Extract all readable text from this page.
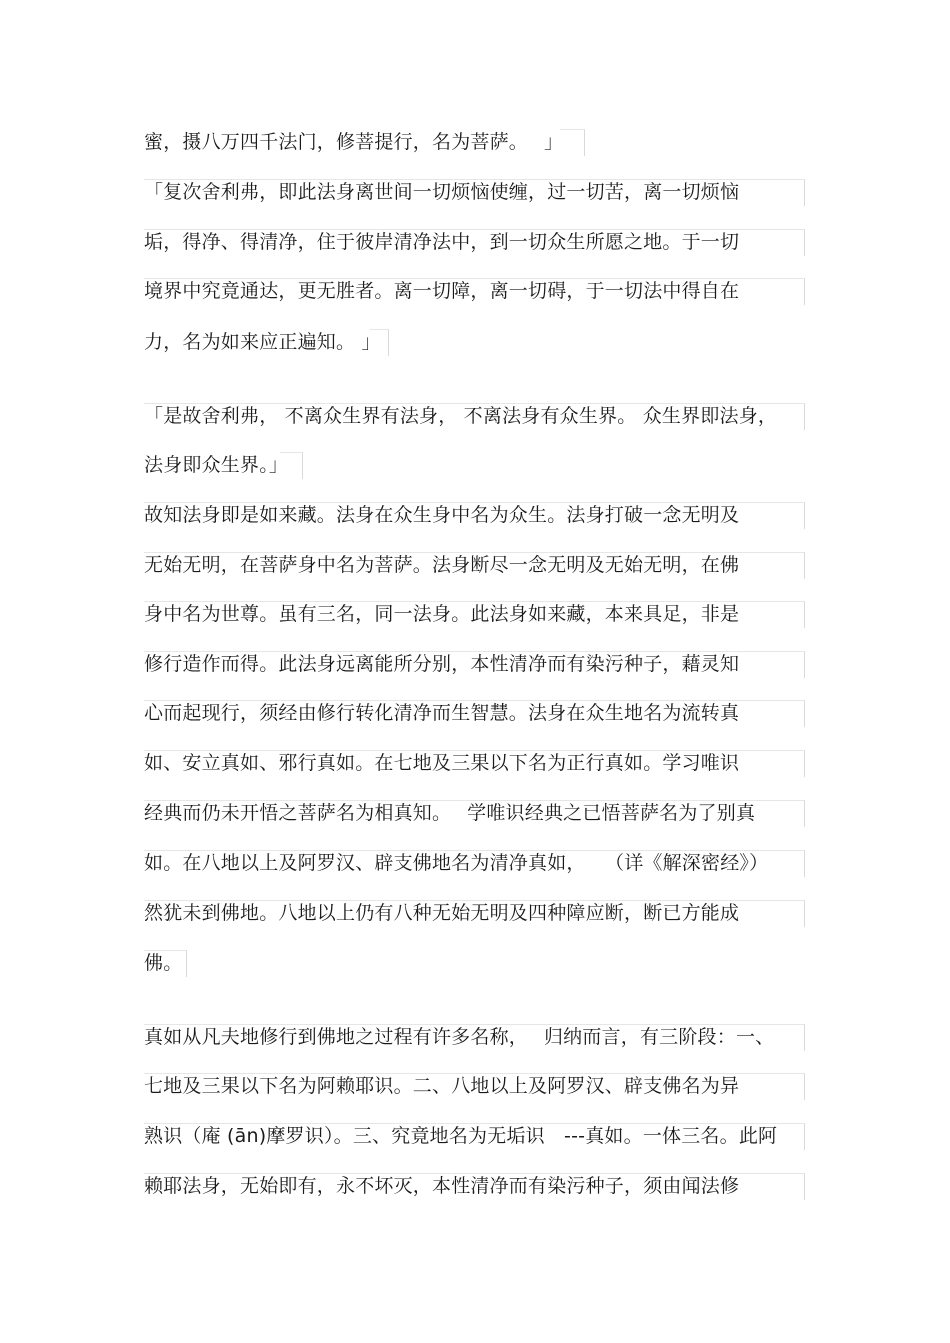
蜜，摄八万四千法门，修菩提行，名为菩萨。　 」
「复次舍利弗，即此法身离世间一切烦恼使缠，过一切苦，离一切烦恼
垢，得净、得清净，住于彼岸清净法中，到一切众生所愿之地。于一切
境界中究竟通达，更无胜者。离一切障，离一切碍，于一切法中得自在
力，名为如来应正遍知。 」
「是故舍利弗， 不离众生界有法身， 不离法身有众生界。 众生界即法身，
法身即众生界。」
故知法身即是如来藏。法身在众生身中名为众生。法身打破一念无明及
无始无明，在菩萨身中名为菩萨。法身断尽一念无明及无始无明，在佛
身中名为世尊。虽有三名，同一法身。此法身如来藏，本来具足，非是
修行造作而得。此法身远离能所分别，本性清净而有染污种子，藉灵知
心而起现行，须经由修行转化清净而生智慧。法身在众生地名为流转真
如、安立真如、邪行真如。在七地及三果以下名为正行真如。学习唯识
经典而仍未开悟之菩萨名为相真知。　 学唯识经典之已悟菩萨名为了别真
如。在八地以上及阿罗汉、辟支佛地名为清净真如，　　（详《解深密经》）
然犹未到佛地。八地以上仍有八种无始无明及四种障应断，断已方能成
佛。
真如从凡夫地修行到佛地之过程有许多名称，　 归纳而言，有三阶段：一、
七地及三果以下名为阿赖耶识。二、八地以上及阿罗汉、辟支佛名为异
熟识（庵 (ān)摩罗识）。三、究竟地名为无垢识　---真如。一体三名。此阿
赖耶法身，无始即有，永不坏灭，本性清净而有染污种子，须由闻法修
